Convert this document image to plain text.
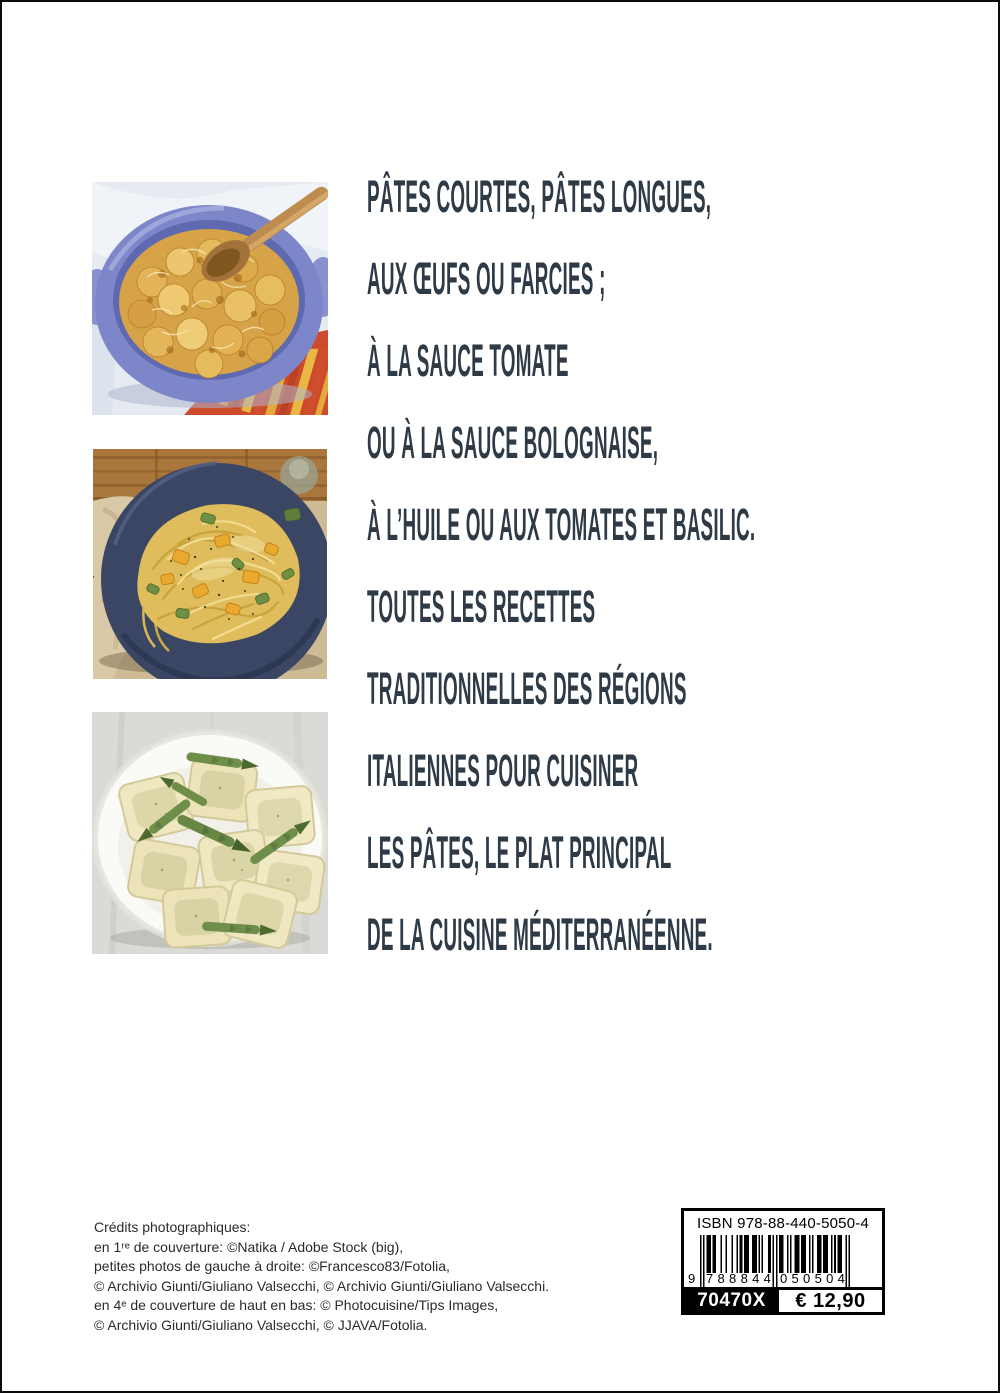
PÂTES COURTES, PÂTES LONGUES,
AUX ŒUFS OU FARCIES ;
À LA SAUCE TOMATE
OU À LA SAUCE BOLOGNAISE,
À L’HUILE OU AUX TOMATES ET BASILIC.
TOUTES LES RECETTES
TRADITIONNELLES DES RÉGIONS
ITALIENNES POUR CUISINER
LES PÂTES, LE PLAT PRINCIPAL
DE LA CUISINE MÉDITERRANÉENNE.
Crédits photographiques:
en 1ʳᵉ de couverture: ©Natika / Adobe Stock (big),
petites photos de gauche à droite: ©Francesco83/Fotolia,
© Archivio Giunti/Giuliano Valsecchi, © Archivio Giunti/Giuliano Valsecchi.
en 4ᵉ de couverture de haut en bas: © Photocuisine/Tips Images,
© Archivio Giunti/Giuliano Valsecchi, © JJAVA/Fotolia.
ISBN 978-88-440-5050-4
9 788844 050504
70470X	€ 12,90
